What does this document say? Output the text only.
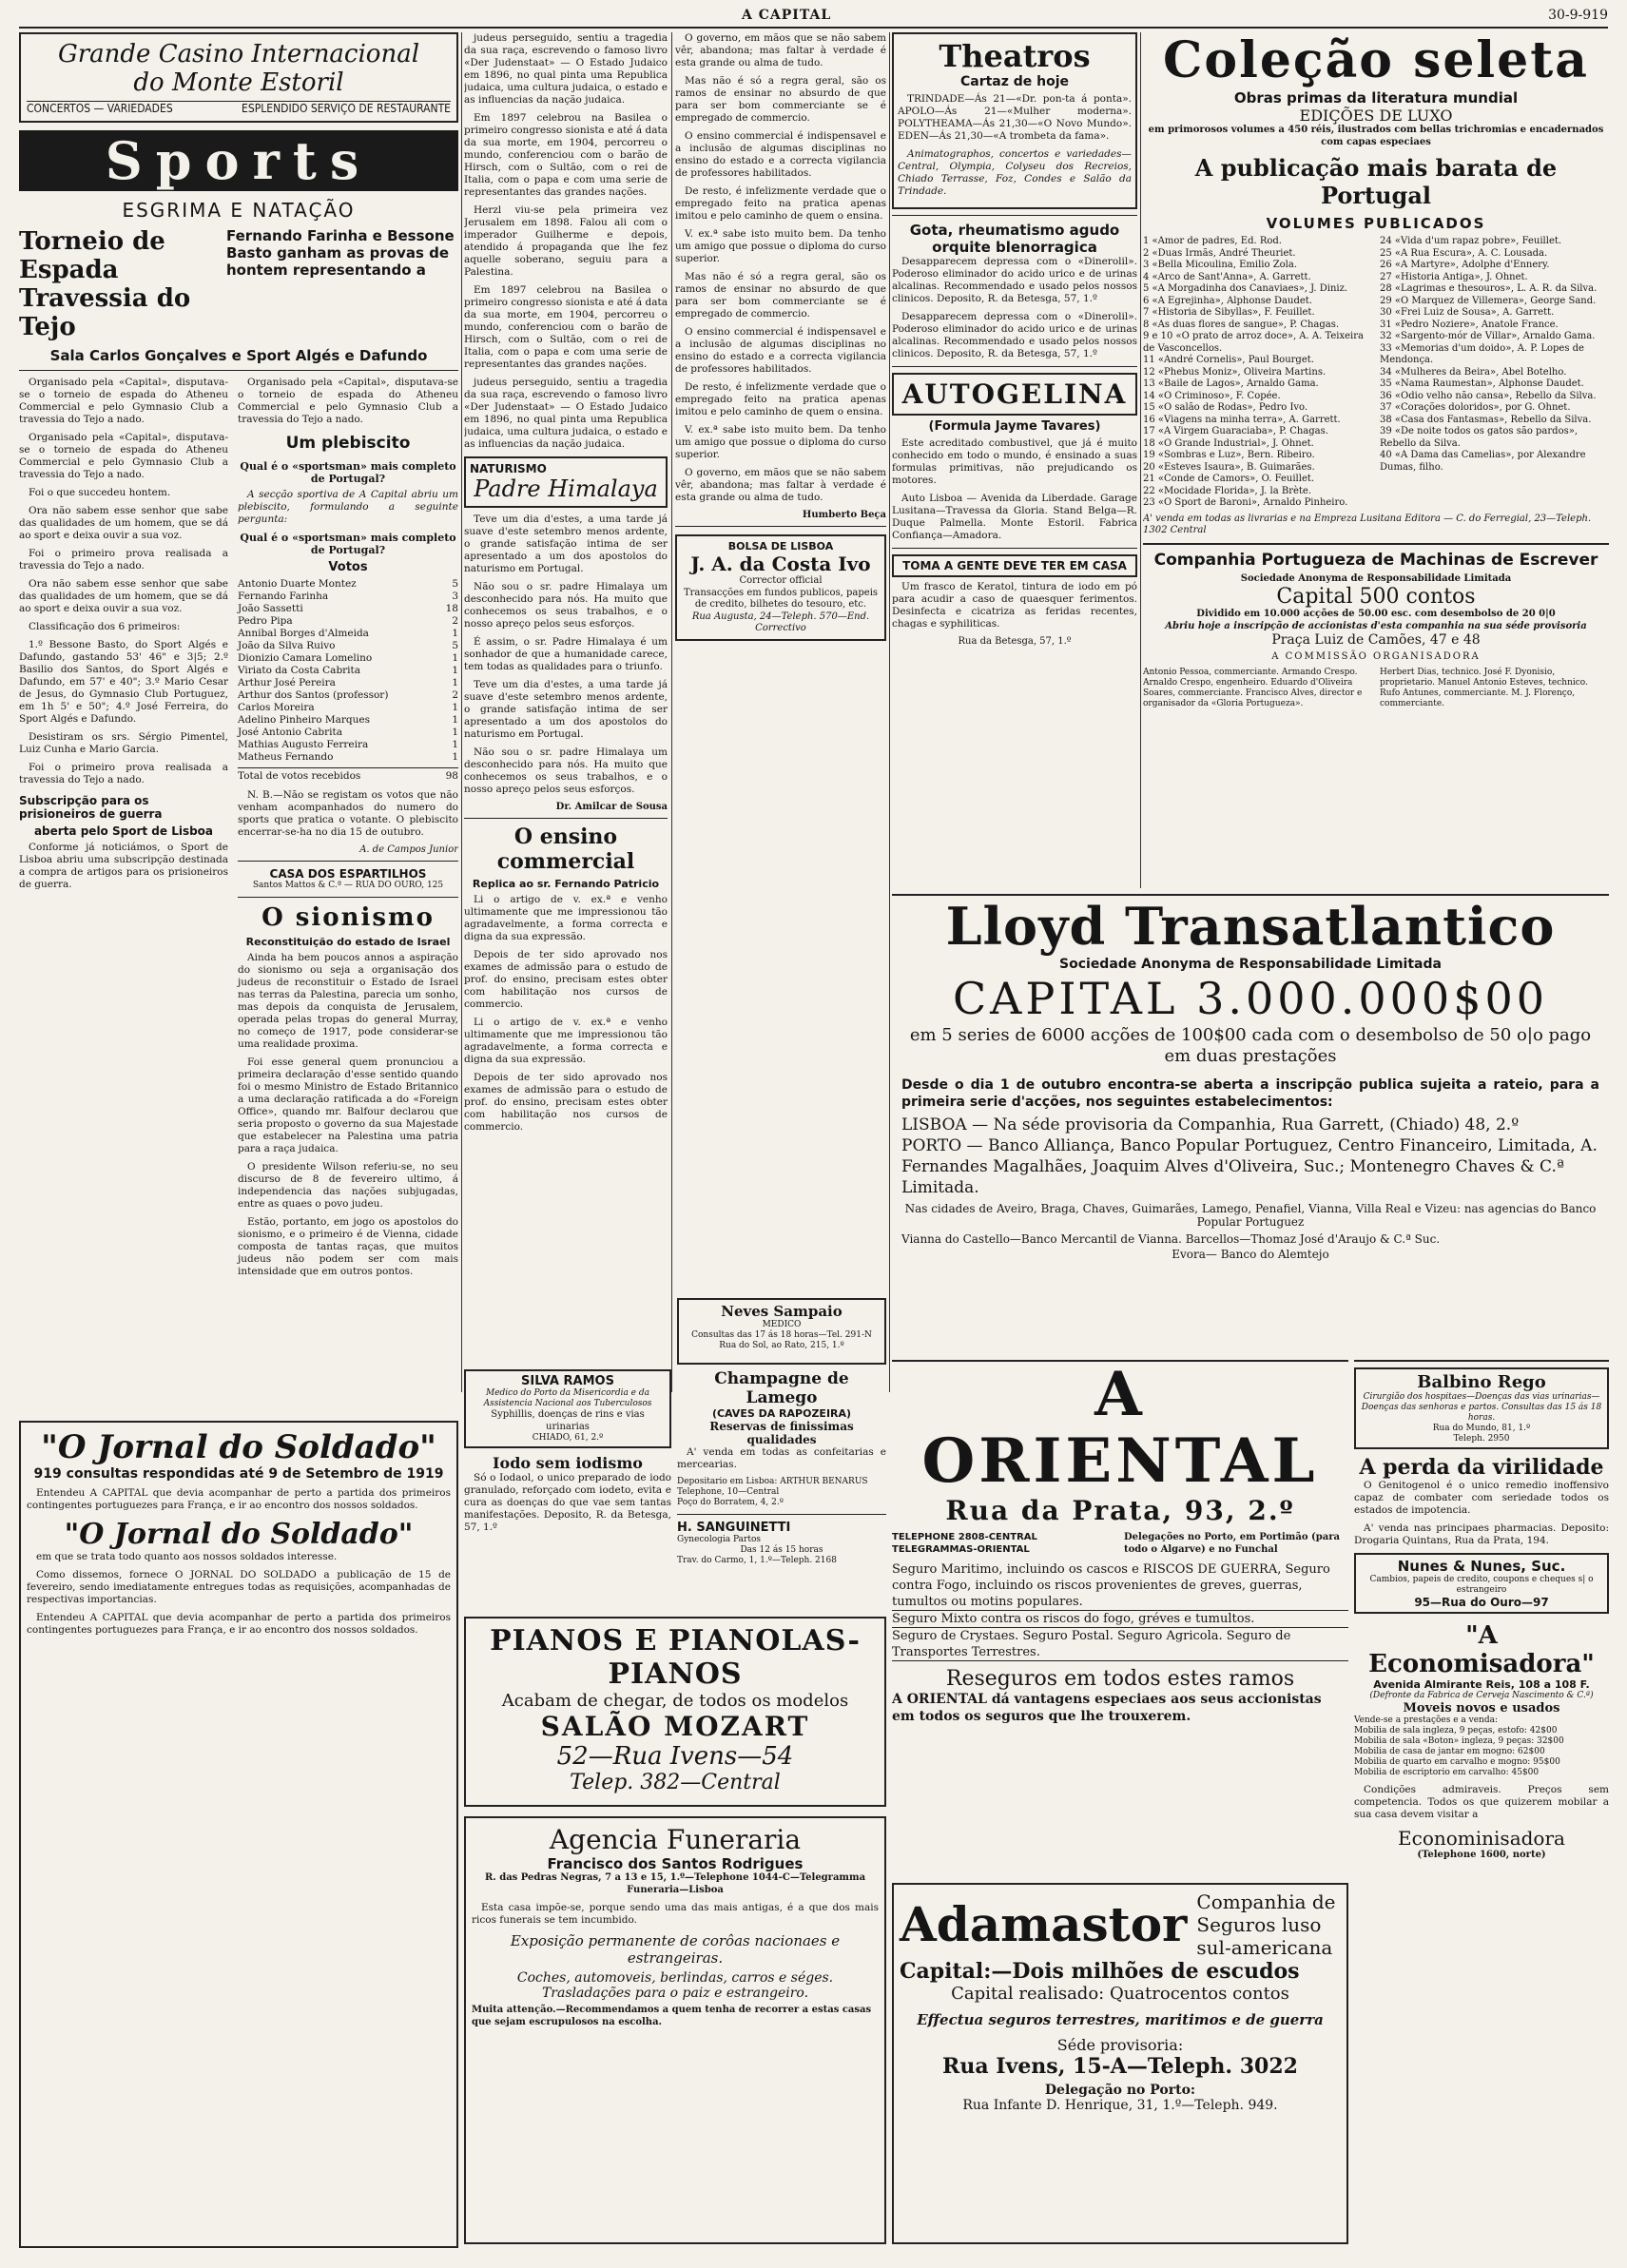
A CAPITAL	30-9-919
Grande Casino Internacional
do Monte Estoril
CONCERTOS — VARIEDADES	ESPLENDIDO SERVIÇO DE RESTAURANTE
Sports
ESGRIMA E NATAÇÃO
Torneio de Espada Travessia do Tejo
Fernando Farinha e Bessone Basto ganham as provas de hontem representando a
Sala Carlos Gonçalves e Sport Algés e Dafundo

Organisado pela «Capital», disputava-se o torneio de espada do Atheneu Commercial e pelo Gymnasio Club a travessia do Tejo a nado.

Organisado pela «Capital», disputava-se o torneio de espada do Atheneu Commercial e pelo Gymnasio Club a travessia do Tejo a nado.

Foi o que succedeu hontem.

Ora não sabem esse senhor que sabe das qualidades de um homem, que se dá ao sport e deixa ouvir a sua voz.

Foi o primeiro prova realisada a travessia do Tejo a nado.

Ora não sabem esse senhor que sabe das qualidades de um homem, que se dá ao sport e deixa ouvir a sua voz.

Classificação dos 6 primeiros:

1.º Bessone Basto, do Sport Algés e Dafundo, gastando 53' 46" e 3|5; 2.º Basilio dos Santos, do Sport Algés e Dafundo, em 57' e 40"; 3.º Mario Cesar de Jesus, do Gymnasio Club Portuguez, em 1h 5' e 50"; 4.º José Ferreira, do Sport Algés e Dafundo.

Desistiram os srs. Sérgio Pimentel, Luiz Cunha e Mario Garcia.

Foi o primeiro prova realisada a travessia do Tejo a nado.

Subscripção para os prisioneiros de guerra
aberta pelo Sport de Lisboa

Conforme já noticiámos, o Sport de Lisboa abriu uma subscripção destinada a compra de artigos para os prisioneiros de guerra.

Organisado pela «Capital», disputava-se o torneio de espada do Atheneu Commercial e pelo Gymnasio Club a travessia do Tejo a nado.

Um plebiscito
Qual é o «sportsman» mais completo de Portugal?

A secção sportiva de A Capital abriu um plebiscito, formulando a seguinte pergunta:

Qual é o «sportsman» mais completo de Portugal?
Votos
Antonio Duarte Montez	5
Fernando Farinha	3
João Sassetti	18
Pedro Pipa	2
Annibal Borges d'Almeida	1
João da Silva Ruivo	5
Dionizio Camara Lomelino	1
Viriato da Costa Cabrita	1
Arthur José Pereira	1
Arthur dos Santos (professor)	2
Carlos Moreira	1
Adelino Pinheiro Marques	1
José Antonio Cabrita	1
Mathias Augusto Ferreira	1
Matheus Fernando	1
Total de votos recebidos	98

N. B.—Não se registam os votos que não venham acompanhados do numero do sports que pratica o votante. O plebiscito encerrar-se-ha no dia 15 de outubro.

A. de Campos Junior
CASA DOS ESPARTILHOS
Santos Mattos & C.ª — RUA DO OURO, 125
O sionismo
Reconstituição do estado de Israel

Ainda ha bem poucos annos a aspiração do sionismo ou seja a organisação dos judeus de reconstituir o Estado de Israel nas terras da Palestina, parecia um sonho, mas depois da conquista de Jerusalem, operada pelas tropas do general Murray, no começo de 1917, pode considerar-se uma realidade proxima.

Foi esse general quem pronunciou a primeira declaração d'esse sentido quando foi o mesmo Ministro de Estado Britannico a uma declaração ratificada a do «Foreign Office», quando mr. Balfour declarou que seria proposto o governo da sua Majestade que estabelecer na Palestina uma patria para a raça judaica.

O presidente Wilson referiu-se, no seu discurso de 8 de fevereiro ultimo, á independencia das nações subjugadas, entre as quaes o povo judeu.

Estão, portanto, em jogo os apostolos do sionismo, e o primeiro é de Vienna, cidade composta de tantas raças, que muitos judeus não podem ser com mais intensidade que em outros pontos.

"O Jornal do Soldado"
919 consultas respondidas até 9 de Setembro de 1919

Entendeu A CAPITAL que devia acompanhar de perto a partida dos primeiros contingentes portuguezes para França, e ir ao encontro dos nossos soldados.

"O Jornal do Soldado"

em que se trata todo quanto aos nossos soldados interesse.

Como dissemos, fornece O JORNAL DO SOLDADO a publicação de 15 de fevereiro, sendo imediatamente entregues todas as requisições, acompanhadas de respectivas importancias.

Entendeu A CAPITAL que devia acompanhar de perto a partida dos primeiros contingentes portuguezes para França, e ir ao encontro dos nossos soldados.

judeus perseguido, sentiu a tragedia da sua raça, escrevendo o famoso livro «Der Judenstaat» — O Estado Judaico em 1896, no qual pinta uma Republica judaica, uma cultura judaica, o estado e as influencias da nação judaica.

Em 1897 celebrou na Basilea o primeiro congresso sionista e até á data da sua morte, em 1904, percorreu o mundo, conferenciou com o barão de Hirsch, com o Sultão, com o rei de Italia, com o papa e com uma serie de representantes das grandes nações.

Herzl viu-se pela primeira vez Jerusalem em 1898. Falou ali com o imperador Guilherme e depois, atendido á propaganda que lhe fez aquelle soberano, seguiu para a Palestina.

Em 1897 celebrou na Basilea o primeiro congresso sionista e até á data da sua morte, em 1904, percorreu o mundo, conferenciou com o barão de Hirsch, com o Sultão, com o rei de Italia, com o papa e com uma serie de representantes das grandes nações.

judeus perseguido, sentiu a tragedia da sua raça, escrevendo o famoso livro «Der Judenstaat» — O Estado Judaico em 1896, no qual pinta uma Republica judaica, uma cultura judaica, o estado e as influencias da nação judaica.

NATURISMO
Padre Himalaya

Teve um dia d'estes, a uma tarde já suave d'este setembro menos ardente, o grande satisfação intima de ser apresentado a um dos apostolos do naturismo em Portugal.

Não sou o sr. padre Himalaya um desconhecido para nós. Ha muito que conhecemos os seus trabalhos, e o nosso apreço pelos seus esforços.

É assim, o sr. Padre Himalaya é um sonhador de que a humanidade carece, tem todas as qualidades para o triunfo.

Teve um dia d'estes, a uma tarde já suave d'este setembro menos ardente, o grande satisfação intima de ser apresentado a um dos apostolos do naturismo em Portugal.

Não sou o sr. padre Himalaya um desconhecido para nós. Ha muito que conhecemos os seus trabalhos, e o nosso apreço pelos seus esforços.

Dr. Amilcar de Sousa
O ensino commercial
Replica ao sr. Fernando Patricio

Li o artigo de v. ex.ª e venho ultimamente que me impressionou tão agradavelmente, a forma correcta e digna da sua expressão.

Depois de ter sido aprovado nos exames de admissão para o estudo de prof. do ensino, precisam estes obter com habilitação nos cursos de commercio.

Li o artigo de v. ex.ª e venho ultimamente que me impressionou tão agradavelmente, a forma correcta e digna da sua expressão.

Depois de ter sido aprovado nos exames de admissão para o estudo de prof. do ensino, precisam estes obter com habilitação nos cursos de commercio.

O governo, em mãos que se não sabem vêr, abandona; mas faltar à verdade é esta grande ou alma de tudo.

Mas não é só a regra geral, são os ramos de ensinar no absurdo de que para ser bom commerciante se é empregado de commercio.

O ensino commercial é indispensavel e a inclusão de algumas disciplinas no ensino do estado e a correcta vigilancia de professores habilitados.

De resto, é infelizmente verdade que o empregado feito na pratica apenas imitou e pelo caminho de quem o ensina.

V. ex.ª sabe isto muito bem. Da tenho um amigo que possue o diploma do curso superior.

Mas não é só a regra geral, são os ramos de ensinar no absurdo de que para ser bom commerciante se é empregado de commercio.

O ensino commercial é indispensavel e a inclusão de algumas disciplinas no ensino do estado e a correcta vigilancia de professores habilitados.

De resto, é infelizmente verdade que o empregado feito na pratica apenas imitou e pelo caminho de quem o ensina.

V. ex.ª sabe isto muito bem. Da tenho um amigo que possue o diploma do curso superior.

O governo, em mãos que se não sabem vêr, abandona; mas faltar à verdade é esta grande ou alma de tudo.

Humberto Beça
BOLSA DE LISBOA
J. A. da Costa Ivo
Corrector official
Transacções em fundos publicos, papeis de credito, bilhetes do tesouro, etc.
Rua Augusta, 24—Teleph. 570—End. Correctivo
Theatros
Cartaz de hoje

TRINDADE—Ás 21—«Dr. pon-ta á ponta». APOLO—Ás 21—«Mulher moderna». POLYTHEAMA—Ás 21,30—«O Novo Mundo». EDEN—Ás 21,30—«A trombeta da fama».

Animatographos, concertos e variedades—Central, Olympia, Colyseu dos Recreios, Chiado Terrasse, Foz, Condes e Salão da Trindade.

Gota, rheumatismo agudo
orquite blenorragica

Desapparecem depressa com o «Dinerolil». Poderoso eliminador do acido urico e de urinas alcalinas. Recommendado e usado pelos nossos clinicos. Deposito, R. da Betesga, 57, 1.º

Desapparecem depressa com o «Dinerolil». Poderoso eliminador do acido urico e de urinas alcalinas. Recommendado e usado pelos nossos clinicos. Deposito, R. da Betesga, 57, 1.º

AUTOGELINA
(Formula Jayme Tavares)

Este acreditado combustivel, que já é muito conhecido em todo o mundo, é ensinado a suas formulas primitivas, não prejudicando os motores.

Auto Lisboa — Avenida da Liberdade. Garage Lusitana—Travessa da Gloria. Stand Belga—R. Duque Palmella. Monte Estoril. Fabrica Confiança—Amadora.

TOMA A GENTE DEVE TER EM CASA

Um frasco de Keratol, tintura de iodo em pó para acudir a caso de quaesquer ferimentos. Desinfecta e cicatriza as feridas recentes, chagas e syphiliticas.

Rua da Betesga, 57, 1.º
Coleção seleta
Obras primas da literatura mundial
EDIÇÕES DE LUXO
em primorosos volumes a 450 réis, ilustrados com bellas trichromias e encadernados com capas especiaes
A publicação mais barata de Portugal
VOLUMES PUBLICADOS
1 «Amor de padres, Ed. Rod.
2 «Duas Irmãs, André Theuriet.
3 «Bella Micoulina, Emilio Zola.
4 «Arco de Sant'Anna», A. Garrett.
5 «A Morgadinha dos Canaviaes», J. Diniz.
6 «A Egrejinha», Alphonse Daudet.
7 «Historia de Sibyllas», F. Feuillet.
8 «As duas flores de sangue», P. Chagas.
9 e 10 «O prato de arroz doce», A. A. Teixeira de Vasconcellos.
11 «André Cornelis», Paul Bourget.
12 «Phebus Moniz», Oliveira Martins.
13 «Baile de Lagos», Arnaldo Gama.
14 «O Criminoso», F. Copée.
15 «O salão de Rodas», Pedro Ivo.
16 «Viagens na minha terra», A. Garrett.
17 «A Virgem Guaraciaba», P. Chagas.
18 «O Grande Industrial», J. Ohnet.
19 «Sombras e Luz», Bern. Ribeiro.
20 «Esteves Isaura», B. Guimarães.
21 «Conde de Camors», O. Feuillet.
22 «Mocidade Florida», J. la Brète.
23 «O Sport de Baroni», Arnaldo Pinheiro.
24 «Vida d'um rapaz pobre», Feuillet.
25 «A Rua Escura», A. C. Lousada.
26 «A Martyre», Adolphe d'Ennery.
27 «Historia Antiga», J. Ohnet.
28 «Lagrimas e thesouros», L. A. R. da Silva.
29 «O Marquez de Villemera», George Sand.
30 «Frei Luiz de Sousa», A. Garrett.
31 «Pedro Noziere», Anatole France.
32 «Sargento-mór de Villar», Arnaldo Gama.
33 «Memorias d'um doido», A. P. Lopes de Mendonça.
34 «Mulheres da Beira», Abel Botelho.
35 «Nama Raumestan», Alphonse Daudet.
36 «Odio velho não cansa», Rebello da Silva.
37 «Corações doloridos», por G. Ohnet.
38 «Casa dos Fantasmas», Rebello da Silva.
39 «De noite todos os gatos são pardos», Rebello da Silva.
40 «A Dama das Camelias», por Alexandre Dumas, filho.
A' venda em todas as livrarias e na Empreza Lusitana Editora — C. do Ferregial, 23—Teleph. 1302 Central
Companhia Portugueza de Machinas de Escrever
Sociedade Anonyma de Responsabilidade Limitada
Capital 500 contos
Dividido em 10.000 acções de 50.00 esc. com desembolso de 20 0|0
Abriu hoje a inscripção de accionistas d'esta companhia na sua séde provisoria
Praça Luiz de Camões, 47 e 48
A COMMISSÃO ORGANISADORA
Antonio Pessoa, commerciante. Armando Crespo. Arnaldo Crespo, engenheiro. Eduardo d'Oliveira Soares, commerciante. Francisco Alves, director e organisador da «Gloria Portugueza».
Herbert Dias, technico. José F. Dyonisio, proprietario. Manuel Antonio Esteves, technico. Rufo Antunes, commerciante. M. J. Florenço, commerciante.
Lloyd Transatlantico
Sociedade Anonyma de Responsabilidade Limitada
CAPITAL 3.000.000$00
em 5 series de 6000 acções de 100$00 cada com o desembolso de 50 o|o pago em duas prestações
Desde o dia 1 de outubro encontra-se aberta a inscripção publica sujeita a rateio, para a primeira serie d'acções, nos seguintes estabelecimentos:
LISBOA — Na séde provisoria da Companhia, Rua Garrett, (Chiado) 48, 2.º
PORTO — Banco Alliança, Banco Popular Portuguez, Centro Financeiro, Limitada, A. Fernandes Magalhães, Joaquim Alves d'Oliveira, Suc.; Montenegro Chaves & C.ª Limitada.
Nas cidades de Aveiro, Braga, Chaves, Guimarães, Lamego, Penafiel, Vianna, Villa Real e Vizeu: nas agencias do Banco Popular Portuguez
Vianna do Castello—Banco Mercantil de Vianna. Barcellos—Thomaz José d'Araujo & C.ª Suc.
Evora— Banco do Alemtejo
Neves Sampaio
MEDICO
Consultas das 17 ás 18 horas—Tel. 291-N
Rua do Sol, ao Rato, 215, 1.º
SILVA RAMOS
Medico do Porto da Misericordia e da Assistencia Nacional aos Tuberculosos
Syphillis, doenças de rins e vias urinarias
CHIADO, 61, 2.º
Iodo sem iodismo

Só o Iodaol, o unico preparado de iodo granulado, reforçado com iodeto, evita e cura as doenças do que vae sem tantas manifestações. Deposito, R. da Betesga, 57, 1.º

Champagne de Lamego
(CAVES DA RAPOZEIRA)
Reservas de finissimas qualidades

A' venda em todas as confeitarias e mercearias.

Depositario em Lisboa: ARTHUR BENARUS
Telephone, 10—Central
Poço do Borratem, 4, 2.º
H. SANGUINETTI
Gynecologia Partos
Das 12 ás 15 horas
Trav. do Carmo, 1, 1.º—Teleph. 2168
PIANOS E PIANOLAS-PIANOS
Acabam de chegar, de todos os modelos
SALÃO MOZART
52—Rua Ivens—54
Telep. 382—Central
Agencia Funeraria
Francisco dos Santos Rodrigues
R. das Pedras Negras, 7 a 13 e 15, 1.º—Telephone 1044-C—Telegramma Funeraria—Lisboa

Esta casa impõe-se, porque sendo uma das mais antigas, é a que dos mais ricos funerais se tem incumbido.

Exposição permanente de corôas nacionaes e estrangeiras.
Coches, automoveis, berlindas, carros e séges. Trasladações para o paiz e estrangeiro.
Muita attenção.—Recommendamos a quem tenha de recorrer a estas casas que sejam escrupulosos na escolha.
A ORIENTAL
Rua da Prata, 93, 2.º
TELEPHONE 2808-CENTRAL TELEGRAMMAS-ORIENTAL
Delegações no Porto, em Portimão (para todo o Algarve) e no Funchal
Seguro Maritimo, incluindo os cascos e RISCOS DE GUERRA, Seguro contra Fogo, incluindo os riscos provenientes de greves, guerras, tumultos ou motins populares.
Seguro Mixto contra os riscos do fogo, gréves e tumultos.
Seguro de Crystaes. Seguro Postal. Seguro Agricola. Seguro de Transportes Terrestres.
Reseguros em todos estes ramos
A ORIENTAL dá vantagens especiaes aos seus accionistas em todos os seguros que lhe trouxerem.
Adamastor Companhia de Seguros luso sul-americana
Capital:—Dois milhões de escudos
Capital realisado: Quatrocentos contos
Effectua seguros terrestres, maritimos e de guerra
Séde provisoria:
Rua Ivens, 15-A—Teleph. 3022
Delegação no Porto:
Rua Infante D. Henrique, 31, 1.º—Teleph. 949.
Balbino Rego
Cirurgião dos hospitaes—Doenças das vias urinarias—Doenças das senhoras e partos. Consultas das 15 ás 18 horas.
Rua do Mundo, 81, 1.º
Teleph. 2950
A perda da virilidade

O Genitogenol é o unico remedio inoffensivo capaz de combater com seriedade todos os estados de impotencia.

A' venda nas principaes pharmacias. Deposito: Drogaria Quintans, Rua da Prata, 194.

Nunes & Nunes, Suc.
Cambios, papeis de credito, coupons e cheques s| o estrangeiro
95—Rua do Ouro—97
"A Economisadora"
Avenida Almirante Reis, 108 a 108 F.
(Defronte da Fabrica de Cerveja Nascimento & C.ª)
Moveis novos e usados
Vende-se a prestações e a venda:
Mobilia de sala ingleza, 9 peças, estofo: 42$00
Mobilia de sala «Boton» ingleza, 9 peças: 32$00
Mobilia de casa de jantar em mogno: 62$00
Mobilia de quarto em carvalho e mogno: 95$00
Mobilia de escriptorio em carvalho: 45$00

Condições admiraveis. Preços sem competencia. Todos os que quizerem mobilar a sua casa devem visitar a

Econominisadora
(Telephone 1600, norte)
